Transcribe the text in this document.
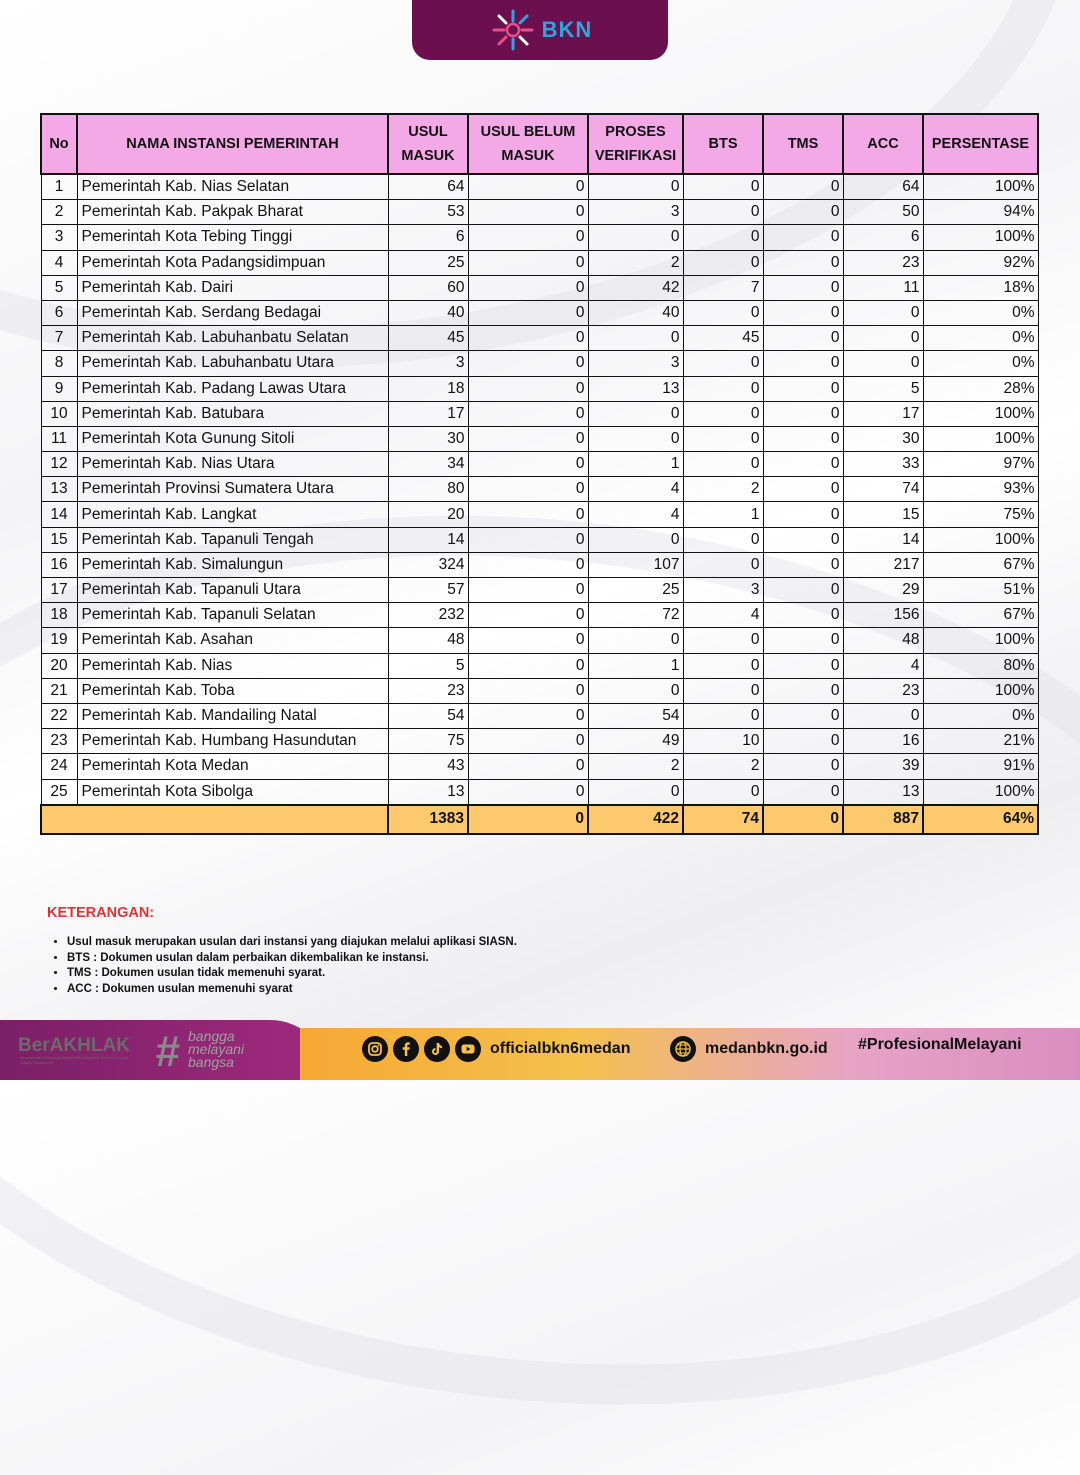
BKN
No	NAMA INSTANSI PEMERINTAH	USUL MASUK	USUL BELUM MASUK	PROSES VERIFIKASI	BTS	TMS	ACC	PERSENTASE
1	Pemerintah Kab. Nias Selatan	64	0	0	0	0	64	100%
2	Pemerintah Kab. Pakpak Bharat	53	0	3	0	0	50	94%
3	Pemerintah Kota Tebing Tinggi	6	0	0	0	0	6	100%
4	Pemerintah Kota Padangsidimpuan	25	0	2	0	0	23	92%
5	Pemerintah Kab. Dairi	60	0	42	7	0	11	18%
6	Pemerintah Kab. Serdang Bedagai	40	0	40	0	0	0	0%
7	Pemerintah Kab. Labuhanbatu Selatan	45	0	0	45	0	0	0%
8	Pemerintah Kab. Labuhanbatu Utara	3	0	3	0	0	0	0%
9	Pemerintah Kab. Padang Lawas Utara	18	0	13	0	0	5	28%
10	Pemerintah Kab. Batubara	17	0	0	0	0	17	100%
11	Pemerintah Kota Gunung Sitoli	30	0	0	0	0	30	100%
12	Pemerintah Kab. Nias Utara	34	0	1	0	0	33	97%
13	Pemerintah Provinsi Sumatera Utara	80	0	4	2	0	74	93%
14	Pemerintah Kab. Langkat	20	0	4	1	0	15	75%
15	Pemerintah Kab. Tapanuli Tengah	14	0	0	0	0	14	100%
16	Pemerintah Kab. Simalungun	324	0	107	0	0	217	67%
17	Pemerintah Kab. Tapanuli Utara	57	0	25	3	0	29	51%
18	Pemerintah Kab. Tapanuli Selatan	232	0	72	4	0	156	67%
19	Pemerintah Kab. Asahan	48	0	0	0	0	48	100%
20	Pemerintah Kab. Nias	5	0	1	0	0	4	80%
21	Pemerintah Kab. Toba	23	0	0	0	0	23	100%
22	Pemerintah Kab. Mandailing Natal	54	0	54	0	0	0	0%
23	Pemerintah Kab. Humbang Hasundutan	75	0	49	10	0	16	21%
24	Pemerintah Kota Medan	43	0	2	2	0	39	91%
25	Pemerintah Kota Sibolga	13	0	0	0	0	13	100%
		1383	0	422	74	0	887	64%
KETERANGAN:
• Usul masuk merupakan usulan dari instansi yang diajukan melalui aplikasi SIASN.
• BTS : Dokumen usulan dalam perbaikan dikembalikan ke instansi.
• TMS : Dokumen usulan tidak memenuhi syarat.
• ACC : Dokumen usulan memenuhi syarat
BerAKHLAK
Berorientasi Pelayanan Akuntabel Kompeten Harmonis Loyal Adaptif Kolaboratif	# bangga
melayani
bangsa
officialbkn6medan	medanbkn.go.id #ProfesionalMelayani
